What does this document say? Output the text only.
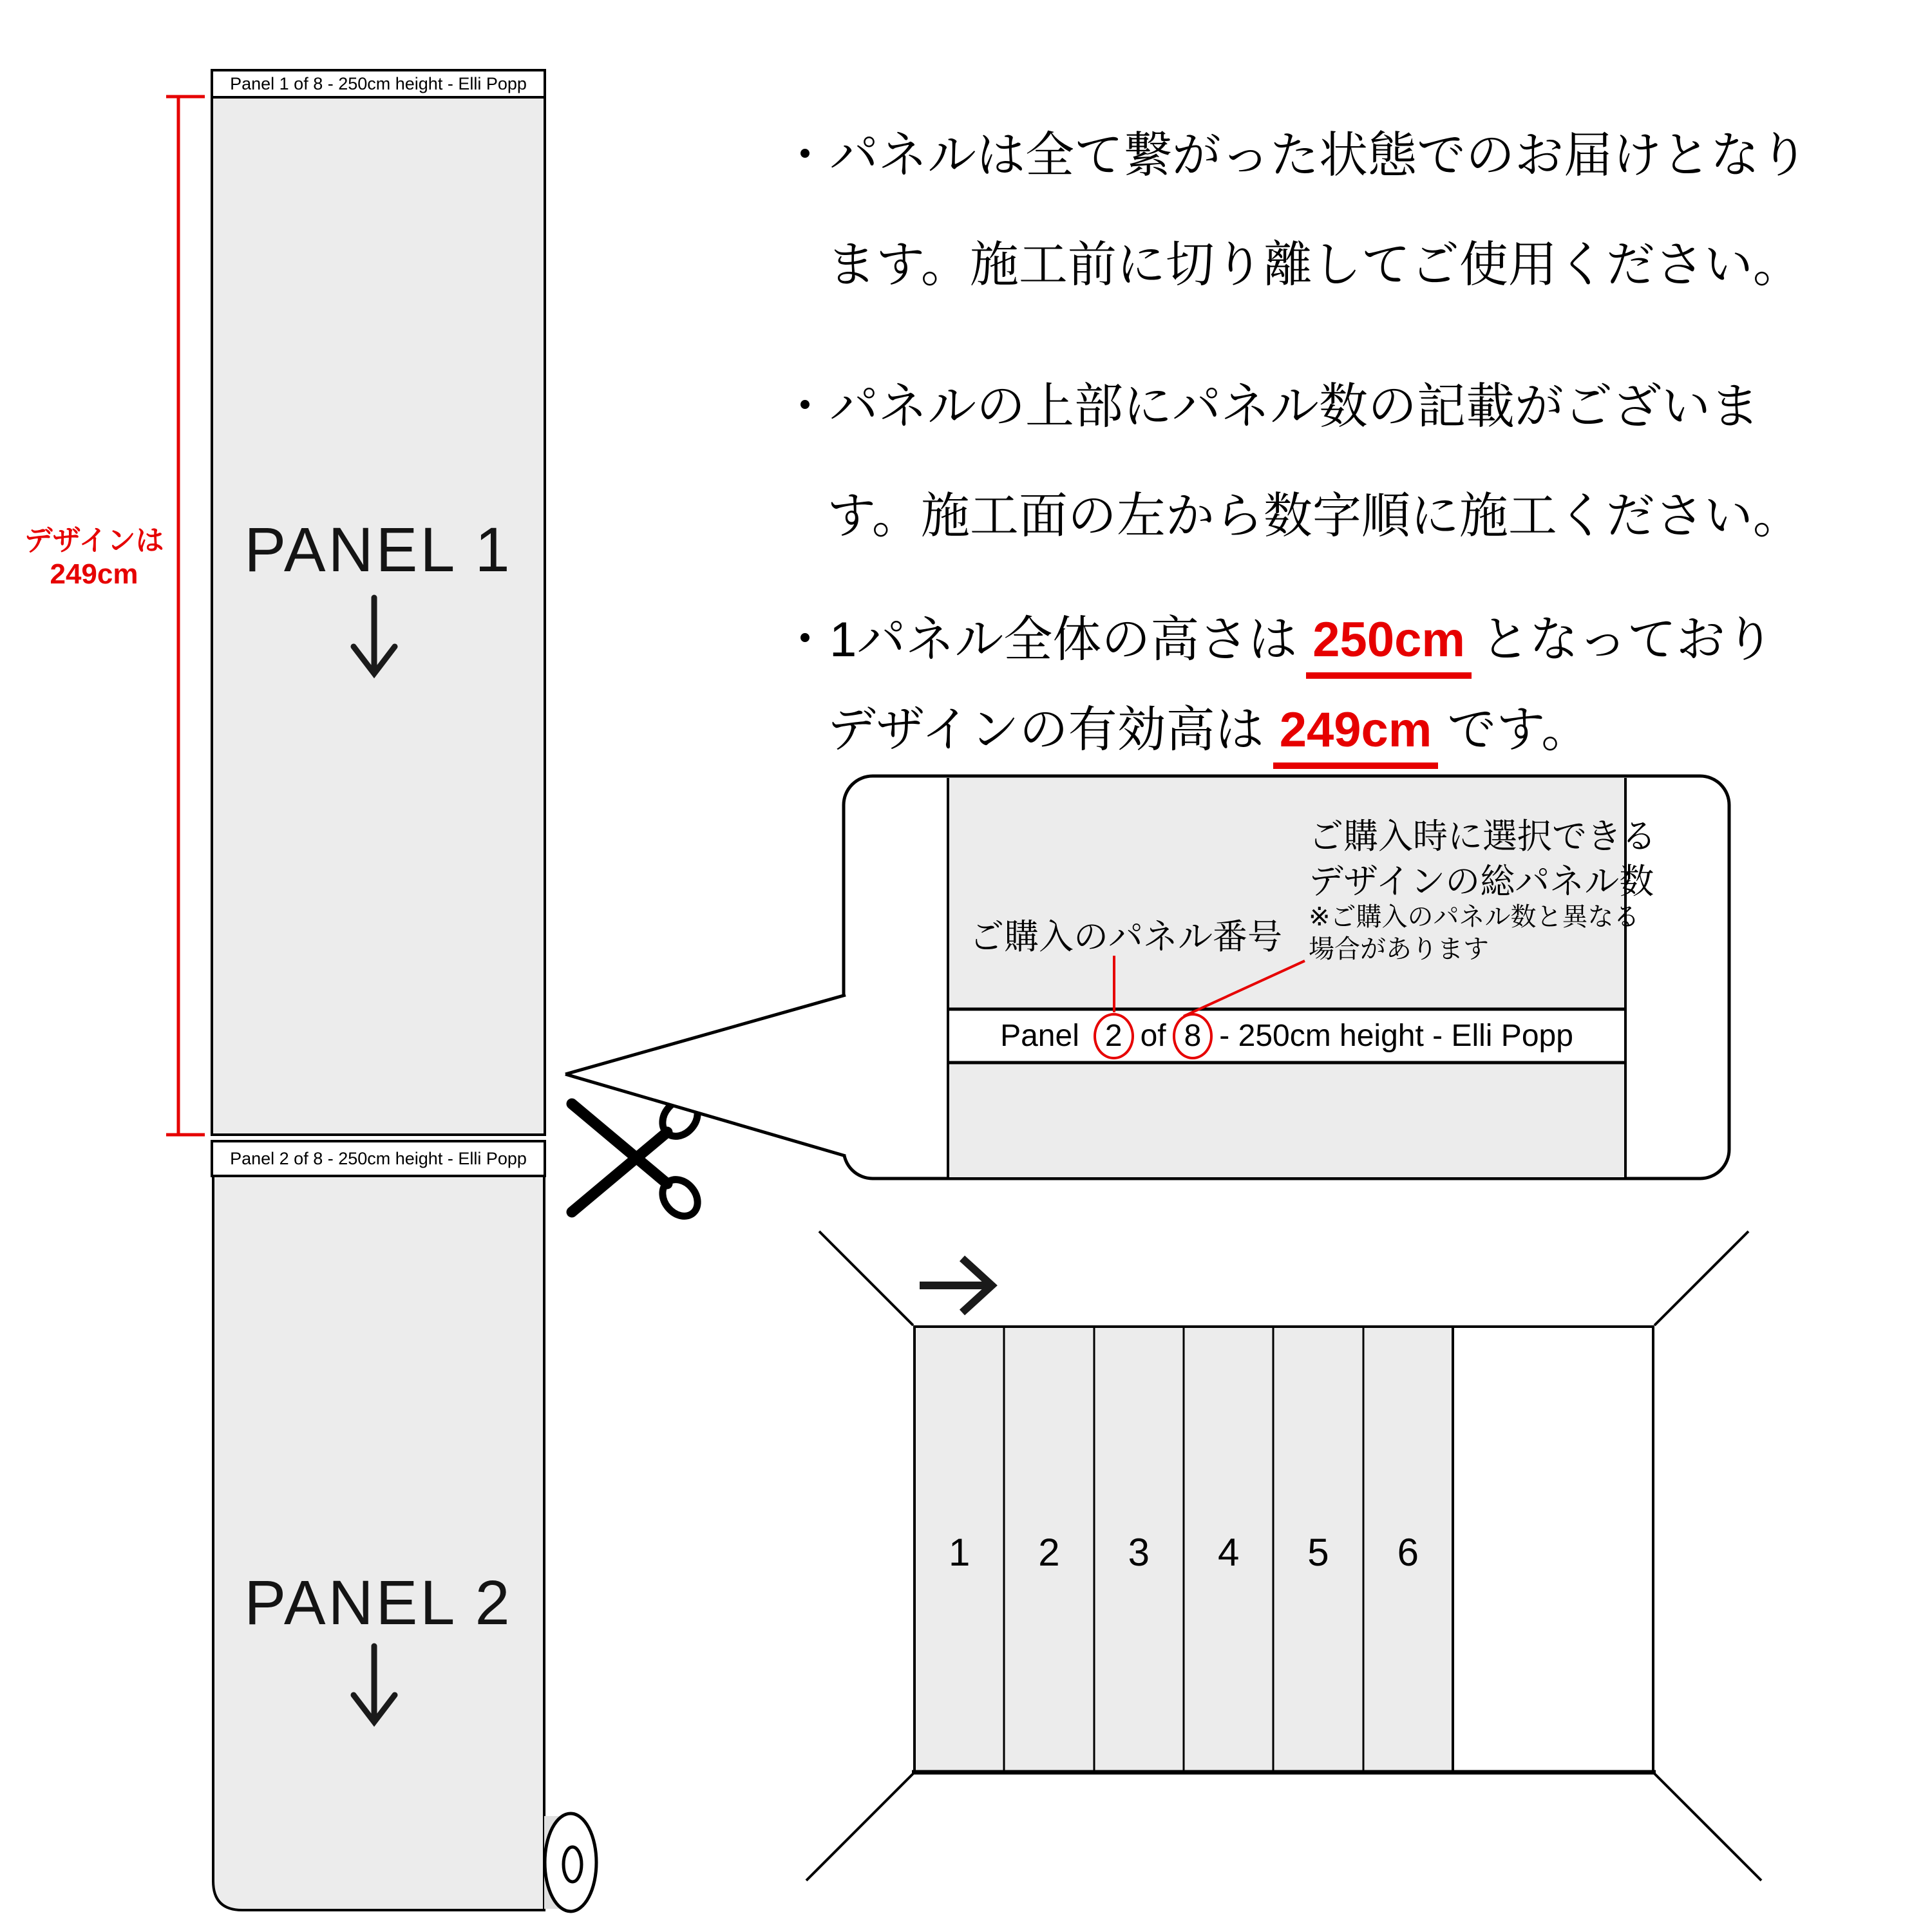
Panel 1 of 8 - 250cm height - Elli Popp
Panel 2 of 8 - 250cm height - Elli Popp
PANEL 1
PANEL 2
デザインは
249cm
・パネルは全て繋がった状態でのお届けとなり
ます。施工前に切り離してご使用ください。
・パネルの上部にパネル数の記載がございま
す。施工面の左から数字順に施工ください。
・1パネル全体の高さは 250cm となっており
デザインの有効高は 249cm です。
ご購入のパネル番号
ご購入時に選択できる
デザインの総パネル数
※ご購入のパネル数と異なる
場合があります
Panel 2 of 8 - 250cm height - Elli Popp
1	2	3	4	5	6
